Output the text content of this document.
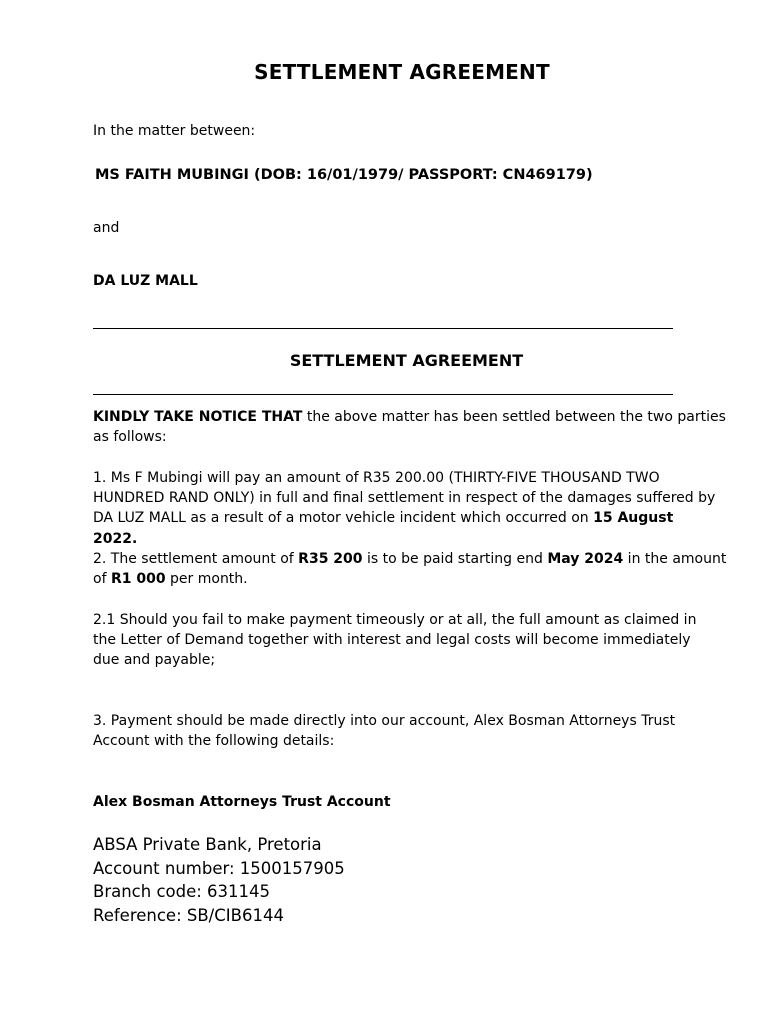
SETTLEMENT AGREEMENT
In the matter between:
MS FAITH MUBINGI (DOB: 16/01/1979/ PASSPORT: CN469179)
and
DA LUZ MALL
SETTLEMENT AGREEMENT
KINDLY TAKE NOTICE THAT the above matter has been settled between the two parties as follows:
1. Ms F Mubingi will pay an amount of R35 200.00 (THIRTY-FIVE THOUSAND TWO HUNDRED RAND ONLY) in full and final settlement in respect of the damages suffered by DA LUZ MALL as a result of a motor vehicle incident which occurred on 15 August 2022.
2. The settlement amount of R35 200 is to be paid starting end May 2024 in the amount of R1 000 per month.
2.1 Should you fail to make payment timeously or at all, the full amount as claimed in the Letter of Demand together with interest and legal costs will become immediately due and payable;
3. Payment should be made directly into our account, Alex Bosman Attorneys Trust Account with the following details:
Alex Bosman Attorneys Trust Account
ABSA Private Bank, Pretoria
Account number: 1500157905
Branch code: 631145
Reference: SB/CIB6144
